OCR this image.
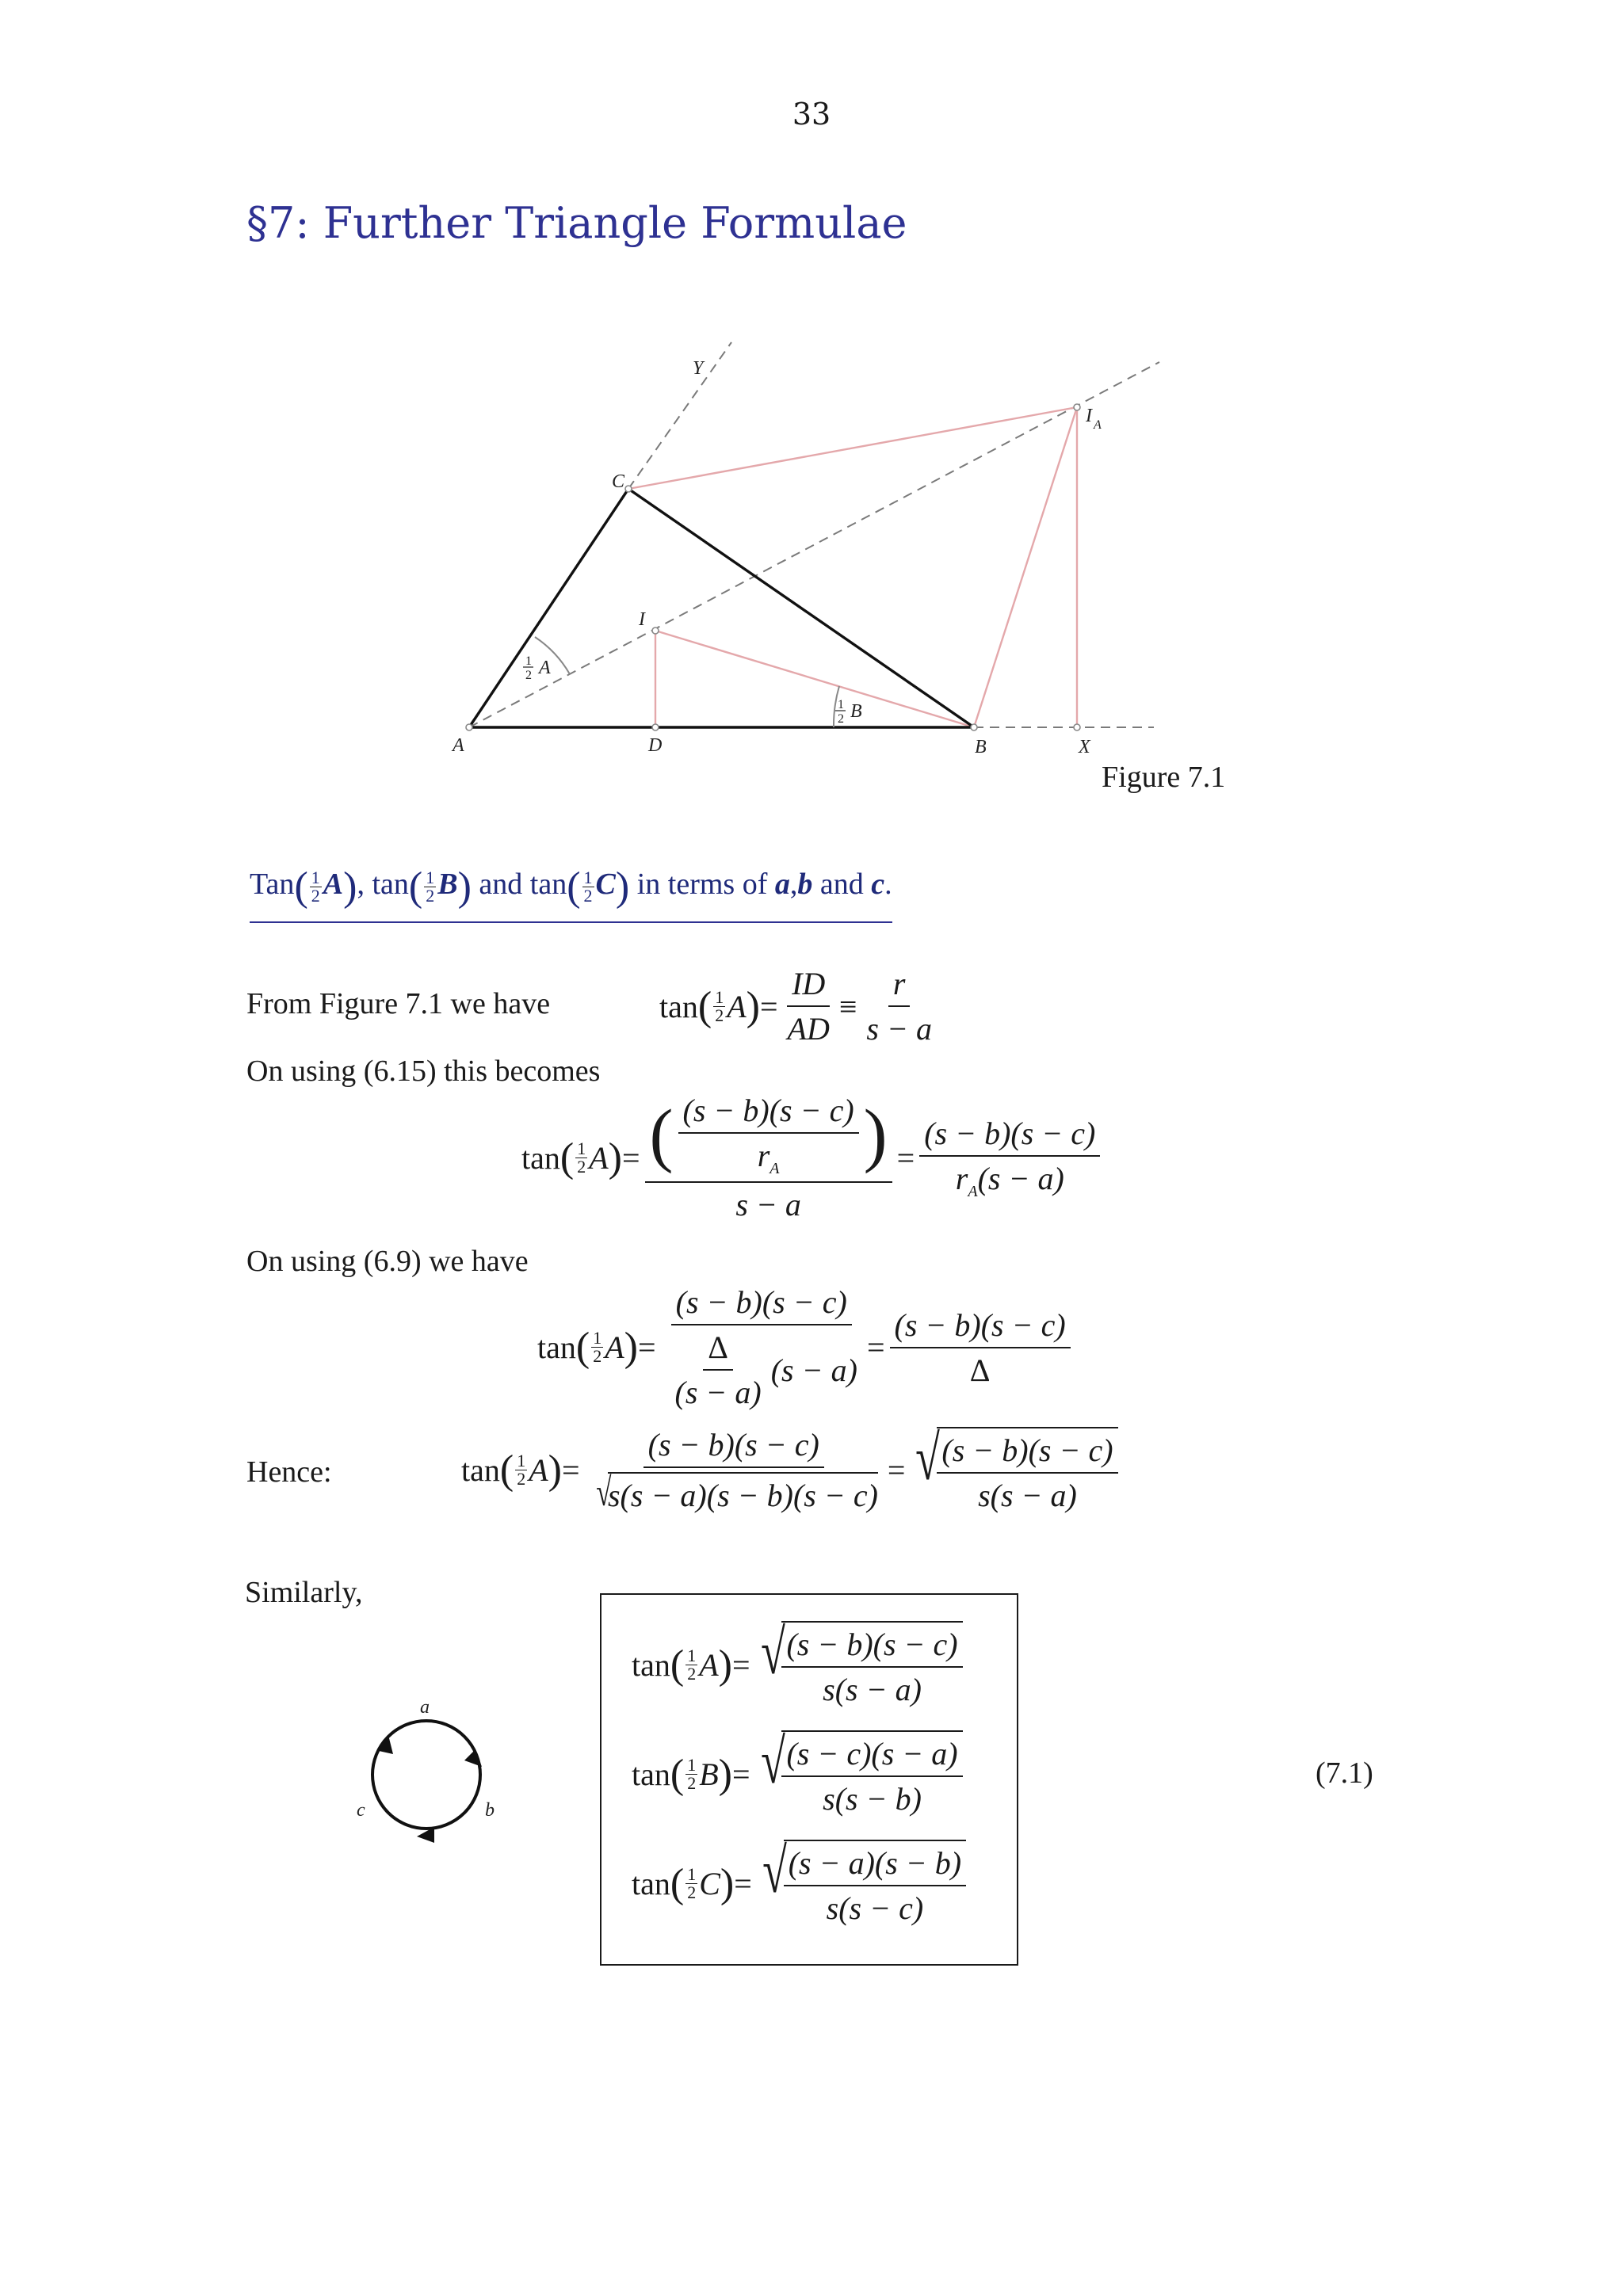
33
§7: Further Triangle Formulae
A	D	B	X
C
I
Y
I A
A
B
1
2
1
2
Figure 7.1
$Tan( \frac{1}{2} A)$, $\tan( \frac{1}{2} B)$ and $\tan( \frac{1}{2} C)$ in terms of a,b and c.
From Figure 7.1 we have	tan ( 1
2 A ) = $\frac{ID}{AD} \equiv \frac{r}{s - a}$
On using (6.15) this becomes
tan ( 1
2 A ) = $\frac{( \frac{(s - b)(s - c)}{r_A} )}{s - a} = \frac{(s - b)(s - c)}{r_A(s - a)}$
On using (6.9) we have
tan ( 1
2 A ) = $\frac{(s - b)(s - c)}{\frac{\Delta}{(s - a)} (s - a)} = \frac{(s - b)(s - c)}{\Delta}$
Hence:	tan ( 1
2 A ) = (s − b)(s − c)
√
s(s − a)(s − b)(s − c) = √
$\frac{(s - b)(s - c)}{s(s - a)}$
Similarly,
a
b
c
tan ( 1
2 A ) = √
$\frac{(s - b)(s - c)}{s(s - a)}$
tan ( 1
2 B ) = √
$\frac{(s - c)(s - a)}{s(s - b)}$
tan ( 1
2 C ) = √
$\frac{(s - a)(s - b)}{s(s - c)}$
(7.1)
